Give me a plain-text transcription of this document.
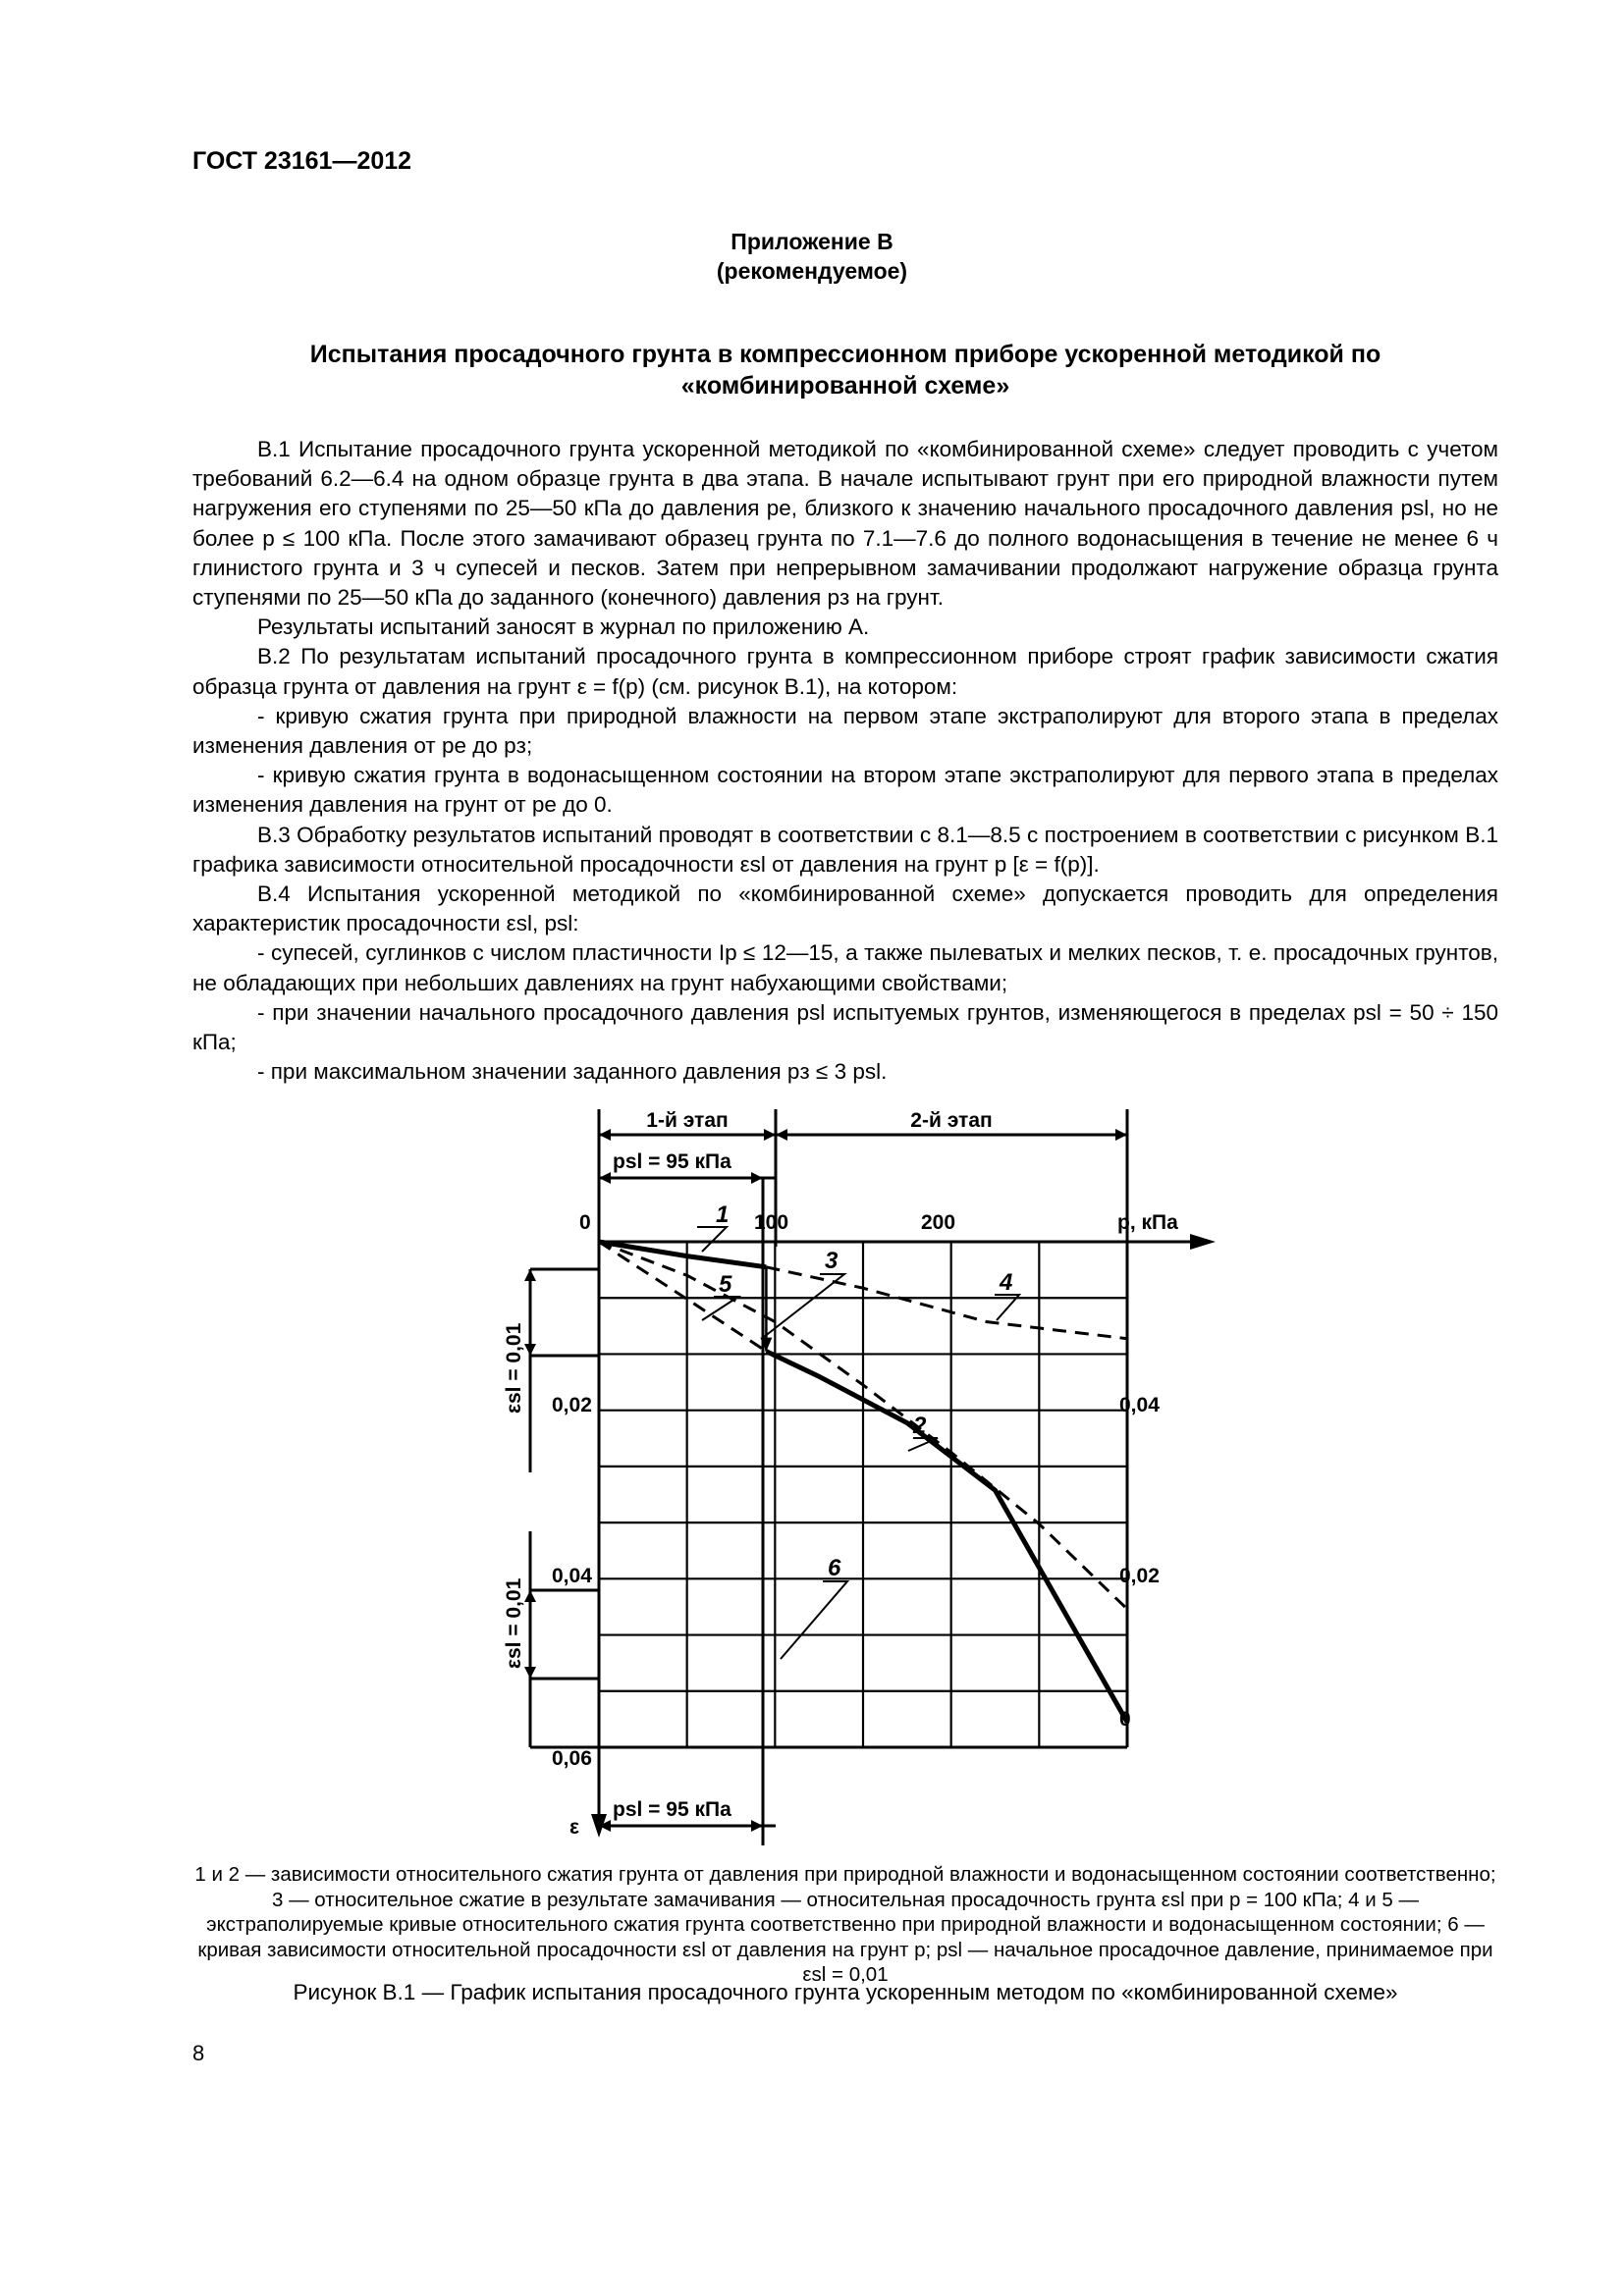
ГОСТ 23161—2012
Приложение В
(рекомендуемое)
Испытания просадочного грунта в компрессионном приборе ускоренной методикой по «комбинированной схеме»

В.1 Испытание просадочного грунта ускоренной методикой по «комбинированной схеме» следует проводить с учетом требований 6.2—6.4 на одном образце грунта в два этапа. В начале испытывают грунт при его природной влажности путем нагружения его ступенями по 25—50 кПа до давления pe, близкого к значению начального просадочного давления psl, но не более p ≤ 100 кПа. После этого замачивают образец грунта по 7.1—7.6 до полного водонасыщения в течение не менее 6 ч глинистого грунта и 3 ч супесей и песков. Затем при непрерывном замачивании продолжают нагружение образца грунта ступенями по 25—50 кПа до заданного (конечного) давления pз на грунт.

Результаты испытаний заносят в журнал по приложению А.

В.2 По результатам испытаний просадочного грунта в компрессионном приборе строят график зависимости сжатия образца грунта от давления на грунт ε = f(p) (см. рисунок В.1), на котором:

- кривую сжатия грунта при природной влажности на первом этапе экстраполируют для второго этапа в пределах изменения давления от pe до pз;

- кривую сжатия грунта в водонасыщенном состоянии на втором этапе экстраполируют для первого этапа в пределах изменения давления на грунт от pe до 0.

В.3 Обработку результатов испытаний проводят в соответствии с 8.1—8.5 с построением в соответствии с рисунком В.1 графика зависимости относительной просадочности εsl от давления на грунт p [ε = f(p)].

В.4 Испытания ускоренной методикой по «комбинированной схеме» допускается проводить для определения характеристик просадочности εsl, psl:

- супесей, суглинков с числом пластичности Ip ≤ 12—15, а также пылеватых и мелких песков, т. е. просадочных грунтов, не обладающих при небольших давлениях на грунт набухающими свойствами;

- при значении начального просадочного давления psl испытуемых грунтов, изменяющегося в пределах psl = 50 ÷ 150 кПа;

- при максимальном значении заданного давления pз ≤ 3 psl.

1-й этап	2-й этап
psl = 95 кПа
psl = 95 кПа
p, кПа
ε
0	100	200
0,02
0,04
0,06
0,04
0,02
0
εsl = 0,01
εsl = 0,01
1
2
3
4
5
6
1 и 2 — зависимости относительного сжатия грунта от давления при природной влажности и водонасыщенном состоянии соответственно; 3 — относительное сжатие в результате замачивания — относительная просадочность грунта εsl при p = 100 кПа; 4 и 5 — экстраполируемые кривые относительного сжатия грунта соответственно при природной влажности и водонасыщенном состоянии; 6 — кривая зависимости относительной просадочности εsl от давления на грунт p; psl — начальное просадочное давление, принимаемое при εsl = 0,01
Рисунок В.1 — График испытания просадочного грунта ускоренным методом по «комбинированной схеме»
8
